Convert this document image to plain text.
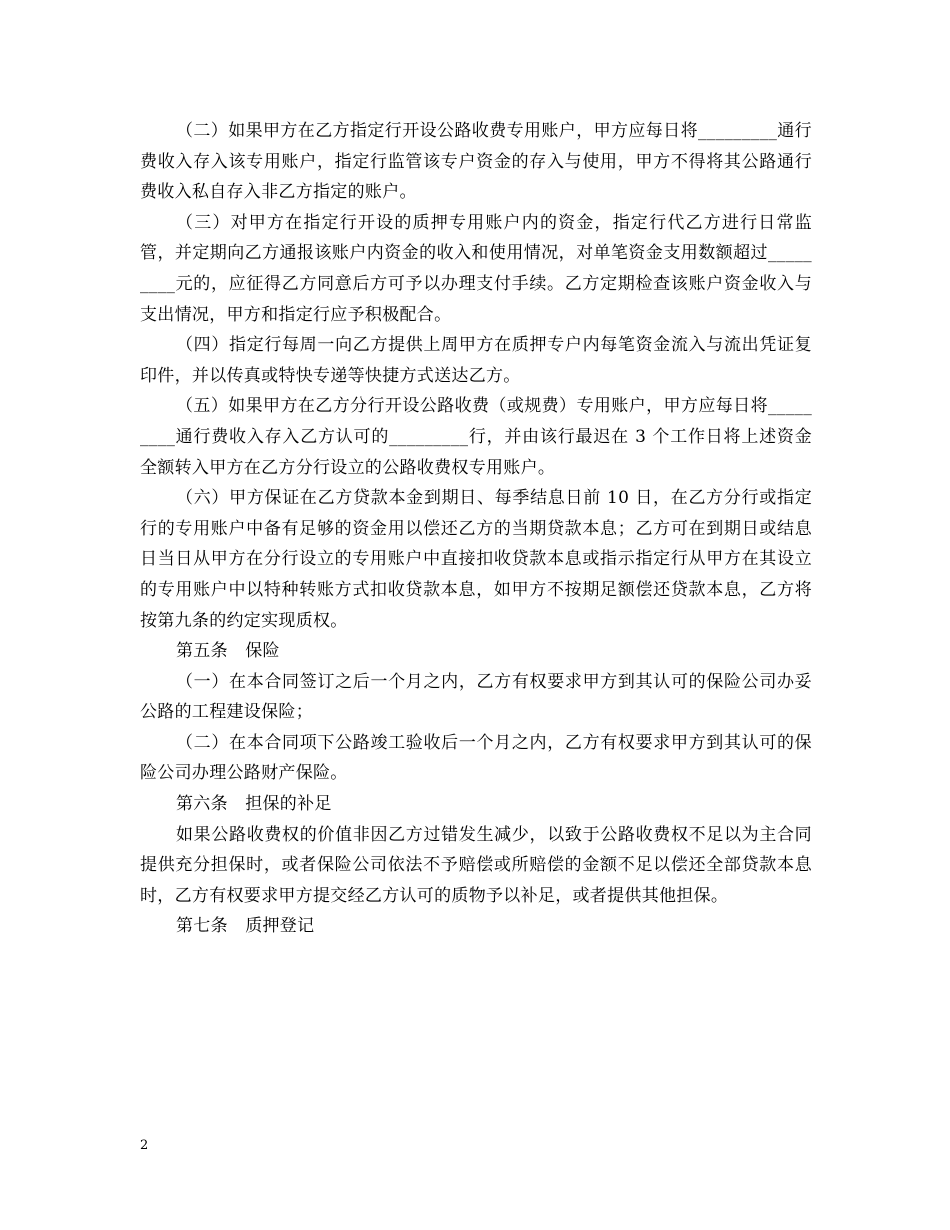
（二）如果甲方在乙方指定行开设公路收费专用账户，甲方应每日将_________通行费收入存入该专用账户，指定行监管该专户资金的存入与使用，甲方不得将其公路通行费收入私自存入非乙方指定的账户。

（三）对甲方在指定行开设的质押专用账户内的资金，指定行代乙方进行日常监管，并定期向乙方通报该账户内资金的收入和使用情况，对单笔资金支用数额超过_________元的，应征得乙方同意后方可予以办理支付手续。乙方定期检查该账户资金收入与支出情况，甲方和指定行应予积极配合。

（四）指定行每周一向乙方提供上周甲方在质押专户内每笔资金流入与流出凭证复印件，并以传真或特快专递等快捷方式送达乙方。

（五）如果甲方在乙方分行开设公路收费（或规费）专用账户，甲方应每日将_________通行费收入存入乙方认可的_________行，并由该行最迟在 3 个工作日将上述资金全额转入甲方在乙方分行设立的公路收费权专用账户。

（六）甲方保证在乙方贷款本金到期日、每季结息日前 10 日，在乙方分行或指定行的专用账户中备有足够的资金用以偿还乙方的当期贷款本息；乙方可在到期日或结息日当日从甲方在分行设立的专用账户中直接扣收贷款本息或指示指定行从甲方在其设立的专用账户中以特种转账方式扣收贷款本息，如甲方不按期足额偿还贷款本息，乙方将按第九条的约定实现质权。

第五条　保险

（一）在本合同签订之后一个月之内，乙方有权要求甲方到其认可的保险公司办妥公路的工程建设保险；

（二）在本合同项下公路竣工验收后一个月之内，乙方有权要求甲方到其认可的保险公司办理公路财产保险。

第六条　担保的补足

如果公路收费权的价值非因乙方过错发生减少，以致于公路收费权不足以为主合同提供充分担保时，或者保险公司依法不予赔偿或所赔偿的金额不足以偿还全部贷款本息时，乙方有权要求甲方提交经乙方认可的质物予以补足，或者提供其他担保。

第七条　质押登记

2
